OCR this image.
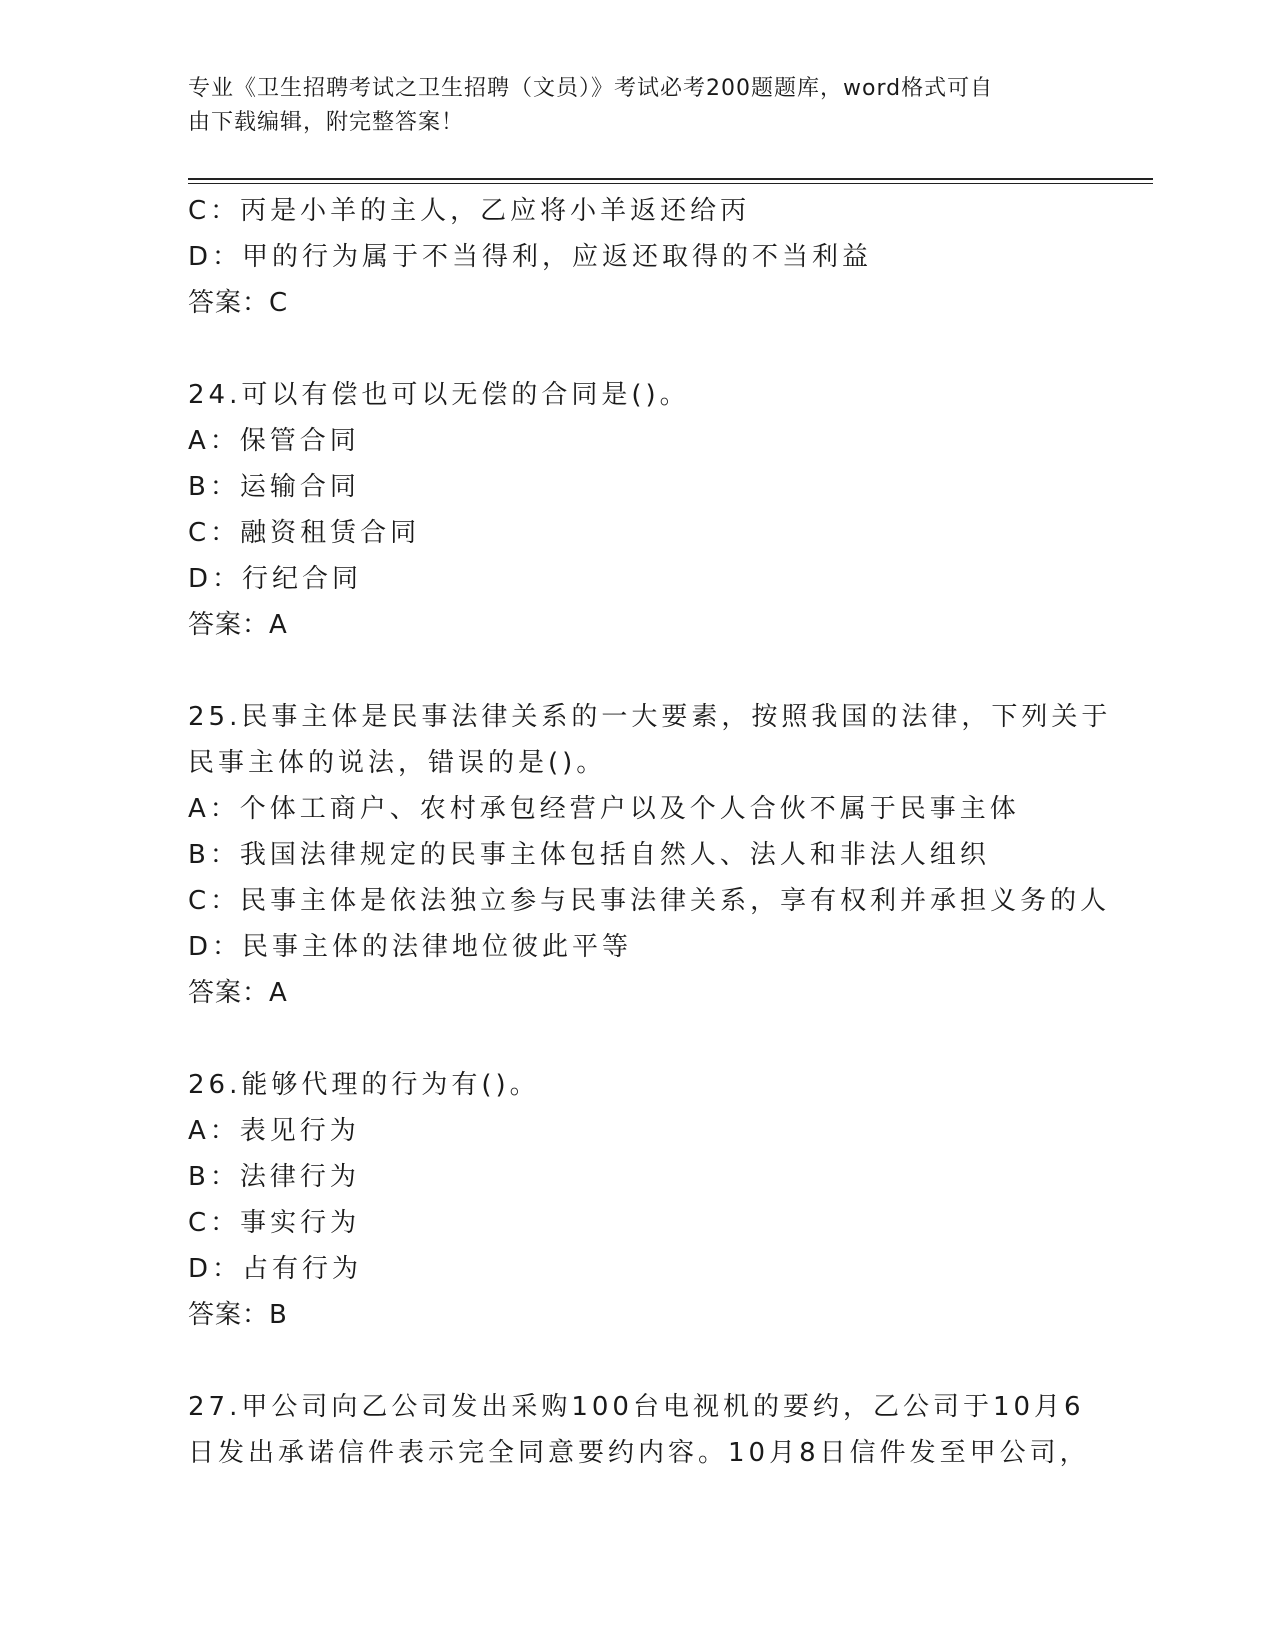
专业《卫生招聘考试之卫生招聘（文员）》考试必考200题题库，word格式可自
由下载编辑，附完整答案！
C：丙是小羊的主人，乙应将小羊返还给丙
D：甲的行为属于不当得利，应返还取得的不当利益
答案：C
24.可以有偿也可以无偿的合同是()。
A：保管合同
B：运输合同
C：融资租赁合同
D：行纪合同
答案：A
25.民事主体是民事法律关系的一大要素，按照我国的法律，下列关于
民事主体的说法，错误的是()。
A：个体工商户、农村承包经营户以及个人合伙不属于民事主体
B：我国法律规定的民事主体包括自然人、法人和非法人组织
C：民事主体是依法独立参与民事法律关系，享有权利并承担义务的人
D：民事主体的法律地位彼此平等
答案：A
26.能够代理的行为有()。
A：表见行为
B：法律行为
C：事实行为
D：占有行为
答案：B
27.甲公司向乙公司发出采购100台电视机的要约，乙公司于10月6
日发出承诺信件表示完全同意要约内容。10月8日信件发至甲公司，
